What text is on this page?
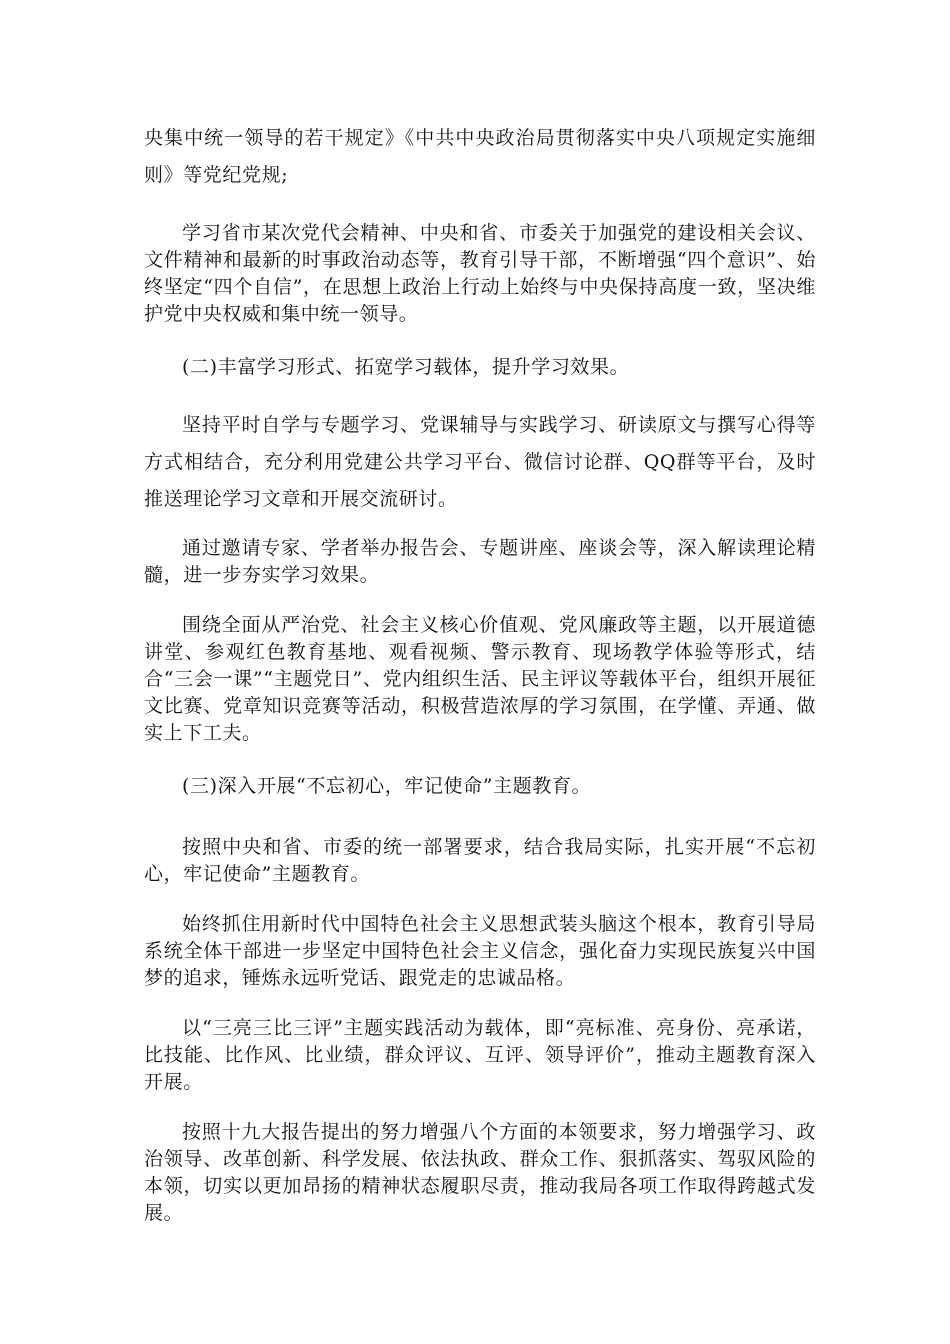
央集中统一领导的若干规定》《中共中央政治局贯彻落实中央八项规定实施细则》等党纪党规;

学习省市某次党代会精神、中央和省、市委关于加强党的建设相关会议、文件精神和最新的时事政治动态等，教育引导干部，不断增强“四个意识”、始终坚定“四个自信”，在思想上政治上行动上始终与中央保持高度一致，坚决维护党中央权威和集中统一领导。

(二)丰富学习形式、拓宽学习载体，提升学习效果。

坚持平时自学与专题学习、党课辅导与实践学习、研读原文与撰写心得等方式相结合，充分利用党建公共学习平台、微信讨论群、QQ群等平台，及时推送理论学习文章和开展交流研讨。

通过邀请专家、学者举办报告会、专题讲座、座谈会等，深入解读理论精髓，进一步夯实学习效果。

围绕全面从严治党、社会主义核心价值观、党风廉政等主题，以开展道德讲堂、参观红色教育基地、观看视频、警示教育、现场教学体验等形式，结合“三会一课”“主题党日”、党内组织生活、民主评议等载体平台，组织开展征文比赛、党章知识竞赛等活动，积极营造浓厚的学习氛围，在学懂、弄通、做实上下工夫。

(三)深入开展“不忘初心，牢记使命”主题教育。

按照中央和省、市委的统一部署要求，结合我局实际，扎实开展“不忘初心，牢记使命”主题教育。

始终抓住用新时代中国特色社会主义思想武装头脑这个根本，教育引导局系统全体干部进一步坚定中国特色社会主义信念，强化奋力实现民族复兴中国梦的追求，锤炼永远听党话、跟党走的忠诚品格。

以“三亮三比三评”主题实践活动为载体，即“亮标准、亮身份、亮承诺，比技能、比作风、比业绩，群众评议、互评、领导评价”，推动主题教育深入开展。

按照十九大报告提出的努力增强八个方面的本领要求，努力增强学习、政治领导、改革创新、科学发展、依法执政、群众工作、狠抓落实、驾驭风险的本领，切实以更加昂扬的精神状态履职尽责，推动我局各项工作取得跨越式发展。
